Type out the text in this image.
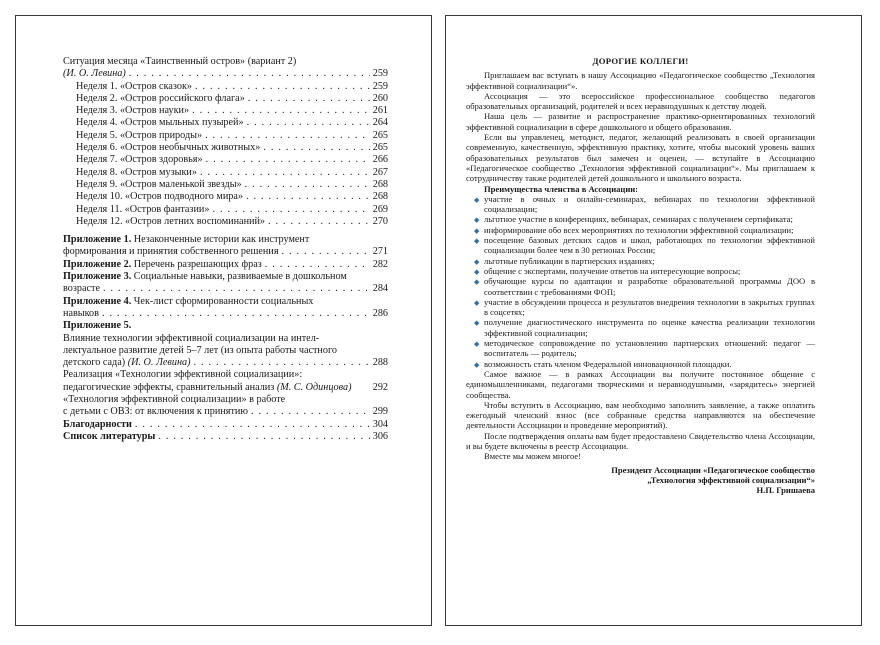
Ситуация месяца «Таинственный остров» (вариант 2)
(И. О. Левина) . . .	259
Неделя 1. «Остров сказок» . . .	259
Неделя 2. «Остров российского флага» . . .	260
Неделя 3. «Остров науки» . . .	261
Неделя 4. «Остров мыльных пузырей» . . .	264
Неделя 5. «Остров природы» . . .	265
Неделя 6. «Остров необычных животных» . . .	265
Неделя 7. «Остров здоровья» . . .	266
Неделя 8. «Остров музыки» . . .	267
Неделя 9. «Остров маленькой звезды» . . .	268
Неделя 10. «Остров подводного мира» . . .	268
Неделя 11. «Остров фантазии» . . .	269
Неделя 12. «Остров летних воспоминаний» . . .	270
Приложение 1. Незаконченные истории как инструмент
формирования и принятия собственного решения . . .	271
Приложение 2. Перечень разрешающих фраз . . .	282
Приложение 3. Социальные навыки, развиваемые в дошкольном
возрасте . . .	284
Приложение 4. Чек-лист сформированности социальных
навыков . . .	286
Приложение 5.
Влияние технологии эффективной социализации на интел-
лектуальное развитие детей 5–7 лет (из опыта работы частного
детского сада) (И. О. Левина) . . .	288
Реализация «Технологии эффективной социализации»:
педагогические эффекты, сравнительный анализ (М. С. Одинцова) 292
«Технология эффективной социализации» в работе
с детьми с ОВЗ: от включения к принятию . . .	299
Благодарности . . .	304
Список литературы . . .	306
ДОРОГИЕ КОЛЛЕГИ!
Приглашаем вас вступать в нашу Ассоциацию «Педагогическое сообщество „Технология эффективной социализации“».
Ассоциация — это всероссийское профессиональное сообщество педагогов образовательных организаций, родителей и всех неравнодушных к детству людей.
Наша цель — развитие и распространение практико-ориентированных технологий эффективной социализации в сфере дошкольного и общего образования.
Если вы управленец, методист, педагог, желающий реализовать в своей организации современную, качественную, эффективную практику, хотите, чтобы высокий уровень ваших образовательных результатов был замечен и оценен, — вступайте в Ассоциацию «Педагогическое сообщество „Технология эффективной социализации“». Мы приглашаем к сотрудничеству также родителей детей дошкольного и школьного возраста.
Преимущества членства в Ассоциации:
◆ участие в очных и онлайн-семинарах, вебинарах по технологии эффективной социализации;
◆ льготное участие в конференциях, вебинарах, семинарах с получением сертификата;
◆ информирование обо всех мероприятиях по технологии эффективной социализации;
◆ посещение базовых детских садов и школ, работающих по технологии эффективной социализации более чем в 30 регионах России;
◆ льготные публикации в партнерских изданиях;
◆ общение с экспертами, получение ответов на интересующие вопросы;
◆ обучающие курсы по адаптации и разработке образовательной программы ДОО в соответствии с требованиями ФОП;
◆ участие в обсуждении процесса и результатов внедрения технологии в закрытых группах в соцсетях;
◆ получение диагностического инструмента по оценке качества реализации технологии эффективной социализации;
◆ методическое сопровождение по установлению партнерских отношений: педагог — воспитатель — родитель;
◆ возможность стать членом Федеральной инновационной площадки.
Самое важное — в рамках Ассоциации вы получите постоянное общение с единомышленниками, педагогами творческими и неравнодушными, «зарядитесь» энергией сообщества.
Чтобы вступить в Ассоциацию, вам необходимо заполнить заявление, а также оплатить ежегодный членский взнос (все собранные средства направляются на обеспечение деятельности Ассоциации и проведение мероприятий).
После подтверждения оплаты вам будет предоставлено Свидетельство члена Ассоциации, и вы будете включены в реестр Ассоциации.
Вместе мы можем многое!
Президент Ассоциации «Педагогическое сообщество
„Технология эффективной социализации“»
Н.П. Гришаева
